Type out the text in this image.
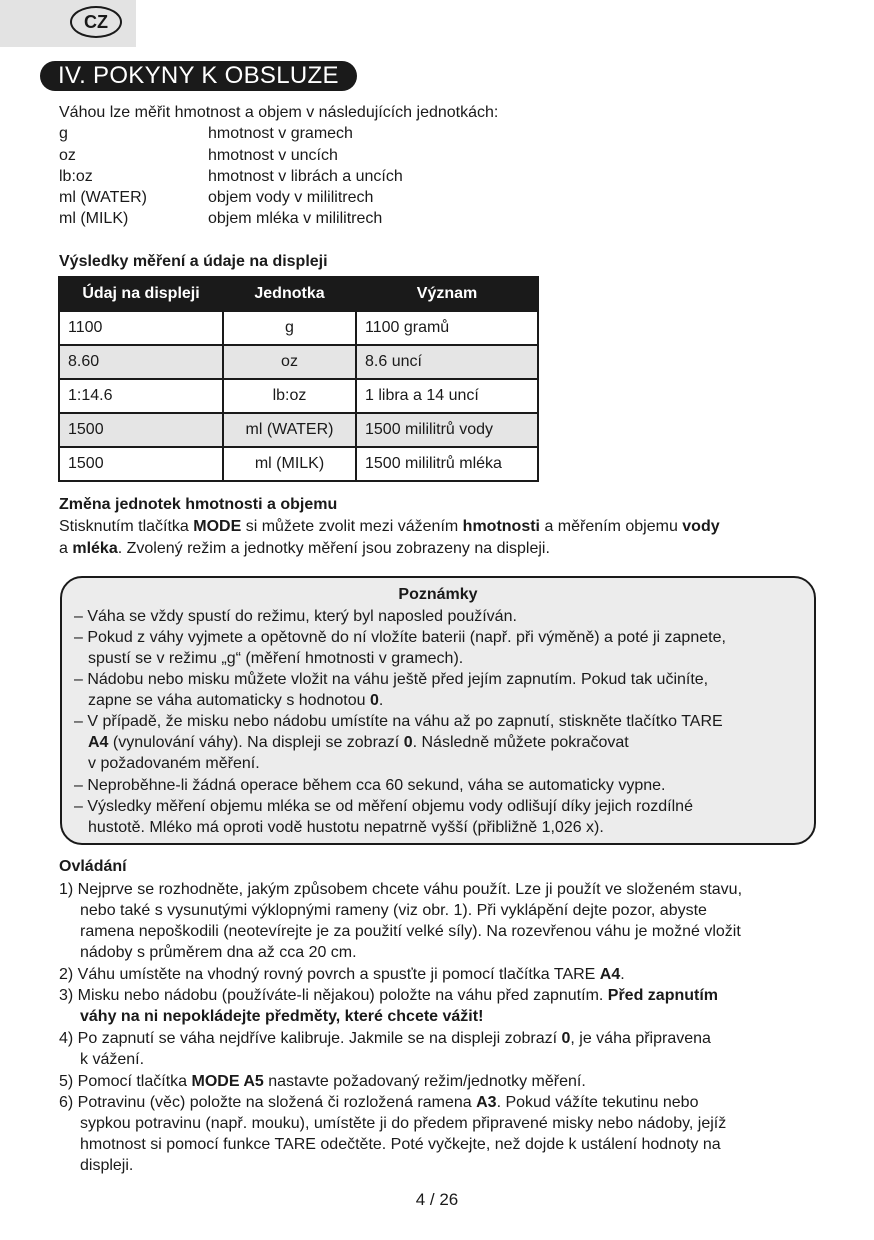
CZ
IV. POKYNY K OBSLUZE
Váhou lze měřit hmotnost a objem v následujících jednotkách:
g	hmotnost v gramech
oz	hmotnost v uncích
lb:oz	hmotnost v librách a uncích
ml (WATER)	objem vody v mililitrech
ml (MILK)	objem mléka v mililitrech
Výsledky měření a údaje na displeji
Údaj na displeji	Jednotka	Význam
1100	g	1100 gramů
8.60	oz	8.6 uncí
1:14.6	lb:oz	1 libra a 14 uncí
1500	ml (WATER)	1500 mililitrů vody
1500	ml (MILK)	1500 mililitrů mléka
Změna jednotek hmotnosti a objemu
Stisknutím tlačítka MODE si můžete zvolit mezi vážením hmotnosti a měřením objemu vody
a mléka. Zvolený režim a jednotky měření jsou zobrazeny na displeji.
Poznámky
– Váha se vždy spustí do režimu, který byl naposled používán.
– Pokud z váhy vyjmete a opětovně do ní vložíte baterii (např. při výměně) a poté ji zapnete,
spustí se v režimu „g“ (měření hmotnosti v gramech).
– Nádobu nebo misku můžete vložit na váhu ještě před jejím zapnutím. Pokud tak učiníte,
zapne se váha automaticky s hodnotou 0.
– V případě, že misku nebo nádobu umístíte na váhu až po zapnutí, stiskněte tlačítko TARE
A4 (vynulování váhy). Na displeji se zobrazí 0. Následně můžete pokračovat
v požadovaném měření.
– Neproběhne-li žádná operace během cca 60 sekund, váha se automaticky vypne.
– Výsledky měření objemu mléka se od měření objemu vody odlišují díky jejich rozdílné
hustotě. Mléko má oproti vodě hustotu nepatrně vyšší (přibližně 1,026 x).
Ovládání
1) Nejprve se rozhodněte, jakým způsobem chcete váhu použít. Lze ji použít ve složeném stavu,
nebo také s vysunutými výklopnými rameny (viz obr. 1). Při vyklápění dejte pozor, abyste
ramena nepoškodili (neotevírejte je za použití velké síly). Na rozevřenou váhu je možné vložit
nádoby s průměrem dna až cca 20 cm.
2) Váhu umístěte na vhodný rovný povrch a spusťte ji pomocí tlačítka TARE A4.
3) Misku nebo nádobu (používáte-li nějakou) položte na váhu před zapnutím. Před zapnutím
váhy na ni nepokládejte předměty, které chcete vážit!
4) Po zapnutí se váha nejdříve kalibruje. Jakmile se na displeji zobrazí 0, je váha připravena
k vážení.
5) Pomocí tlačítka MODE A5 nastavte požadovaný režim/jednotky měření.
6) Potravinu (věc) položte na složená či rozložená ramena A3. Pokud vážíte tekutinu nebo
sypkou potravinu (např. mouku), umístěte ji do předem připravené misky nebo nádoby, jejíž
hmotnost si pomocí funkce TARE odečtěte. Poté vyčkejte, než dojde k ustálení hodnoty na
displeji.
4 / 26
